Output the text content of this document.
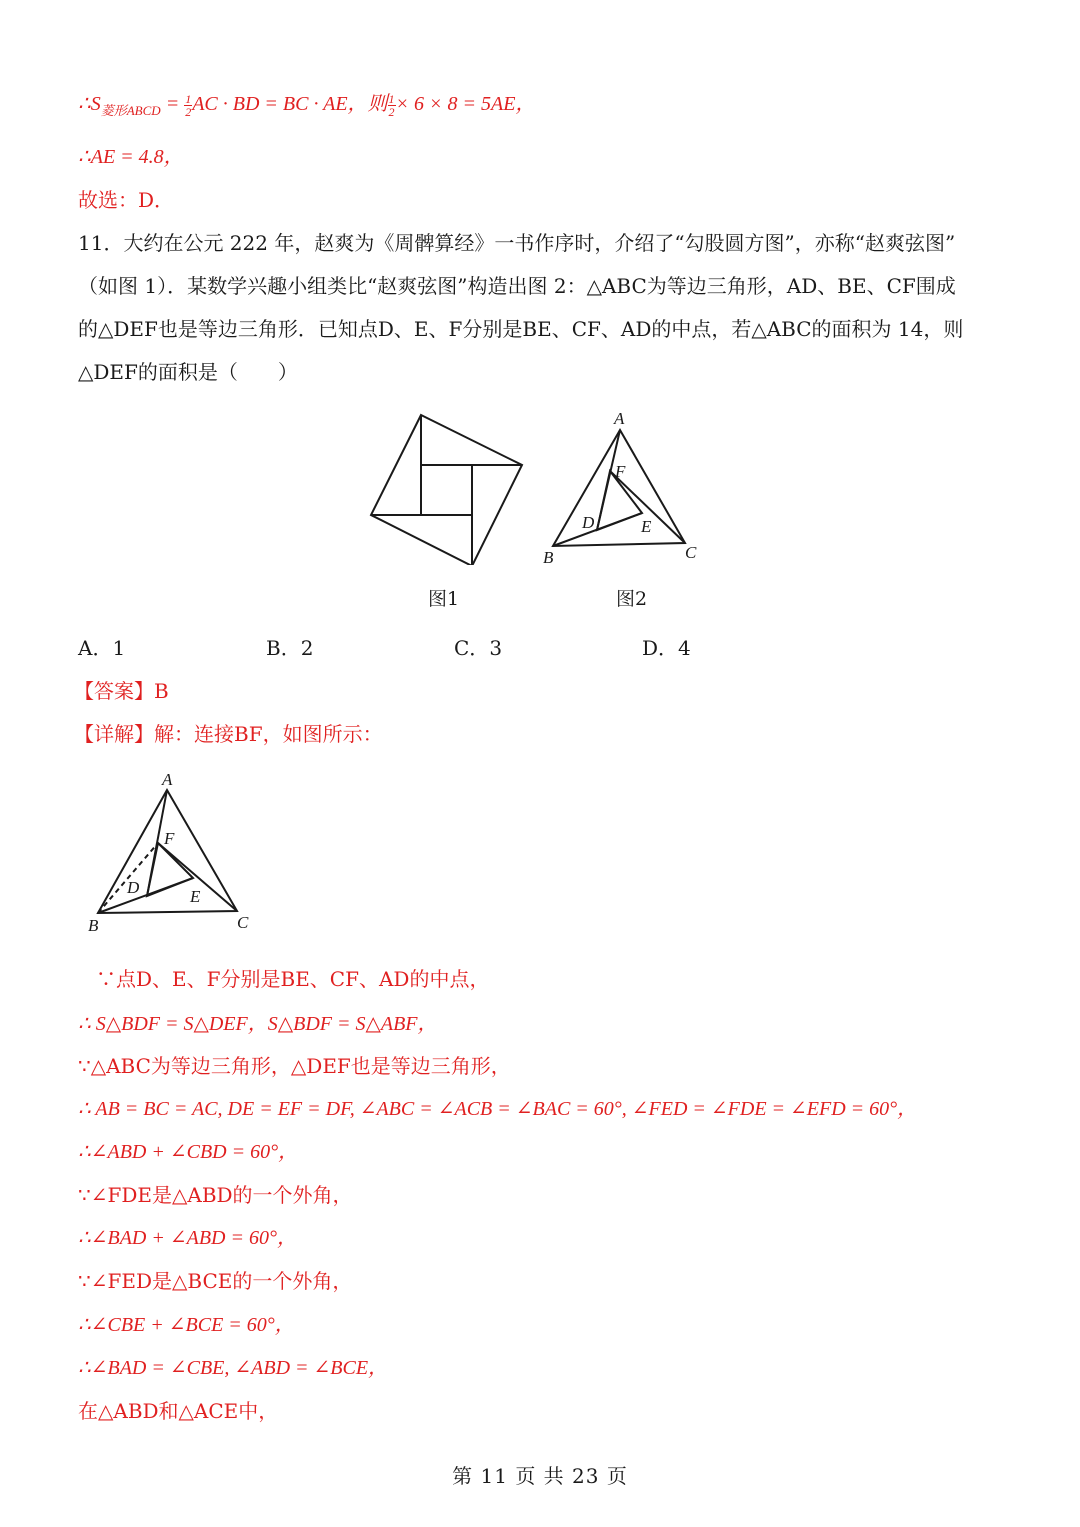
$\therefore S_{菱形ABCD} = \frac{1}{2}$ AC · BD = BC · AE，则 $\frac{1}{2} \times 6 \times 8 = 5AE$，
∴AE = 4.8，
故选：D．
11．大约在公元 222 年，赵爽为《周髀算经》一书作序时，介绍了“勾股圆方图”，亦称“赵爽弦图”
（如图 1）．某数学兴趣小组类比“赵爽弦图”构造出图 2：△ABC为等边三角形，AD、BE、CF围成
的△DEF也是等边三角形．已知点D、E、F分别是BE、CF、AD的中点，若△ABC的面积为 14，则
△DEF的面积是（　　）
图1
A
F
D	E
B	C
图2
A．1	B．2	C．3	D．4
【答案】B
【详解】解：连接BF，如图所示：
A
F
D	E
B	C
∵点D、E、F分别是BE、CF、AD的中点，
∴ S△BDF = S△DEF，S△BDF = S△ABF，
∵△ABC为等边三角形，△DEF也是等边三角形，
∴ AB = BC = AC, DE = EF = DF, ∠ABC = ∠ACB = ∠BAC = 60°, ∠FED = ∠FDE = ∠EFD = 60°，
∴∠ABD + ∠CBD = 60°，
∵∠FDE是△ABD的一个外角，
∴∠BAD + ∠ABD = 60°，
∵∠FED是△BCE的一个外角，
∴∠CBE + ∠BCE = 60°，
∴∠BAD = ∠CBE, ∠ABD = ∠BCE，
在△ABD和△ACE中，
第 11 页 共 23 页
